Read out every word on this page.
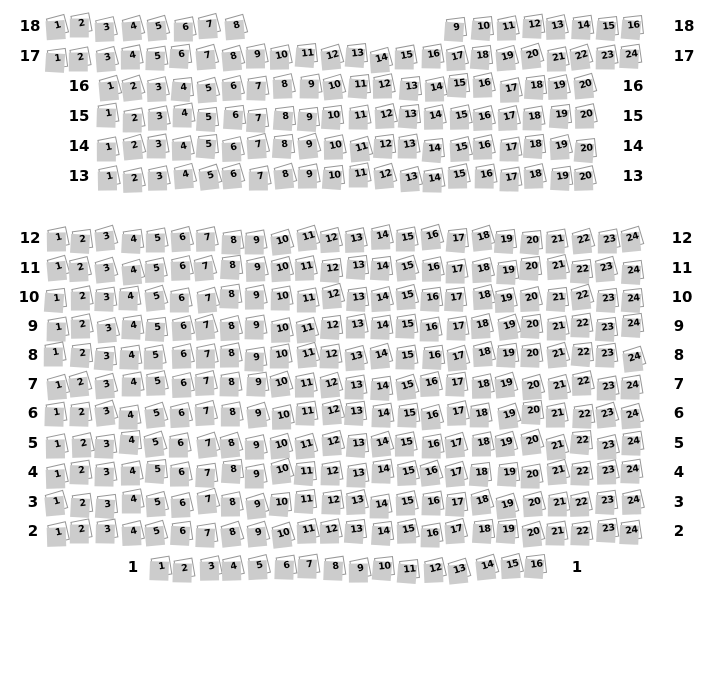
18	18
1	2	3	4	5	6	7	8	9	10	11	12 13	14	15	16
17	17
1	2	3	4	5	6	7	8	9	10	11	12	13	14	15	16 17	18	19	20	21 22	23	24
16	16
1	2	3	4	5	6	7	8	9	10	11	12	13	14 15	16	17	18 19	20
15	15
1	2	3	4	5	6	7	8	9	10	11	12	13	14	15 16	17	18	19	20
14	14
1	2	3	4	5	6	7	8	9	10	11	12 13	14	15 16	17	18	19	20
13	13
1	2	3	4	5	6	7	8	9	10	11	12	13 14	15	16	17	18	19	20
12	12
1	2	3	4	5	6	7	8	9	10	11 12	13	14	15	16	17	18 19	20	21	22	23 24
11	11
1	2	3	4	5	6	7	8	9	10	11	12	13	14	15	16	17	18	19 20	21	22	23	24
10	10
1	2	3	4	5	6	7	8	9	10	11	12	13	14	15	16	17	18 19	20	21	22	23	24
9	9
1	2	3	4	5	6	7	8	9	10	11	12	13	14	15	16	17	18	19 20	21	22	23	24
8	8
1	2	3	4	5	6	7	8	9	10	11 12	13	14	15	16	17	18	19	20	21	22	23	24
7	7
1	2	3	4	5	6	7	8	9	10	11	12	13	14	15 16	17	18 19	20	21	22	23 24
6	6
1	2	3	4	5	6	7	8	9	10	11	12 13	14	15 16	17 18	19	20	21	22	23	24
5	5
1	2	3	4	5	6	7	8	9	10	11	12	13	14	15	16 17	18 19	20 21	22	23	24
4	4
1	2	3	4	5	6	7	8	9	10	11	12	13	14	15 16	17	18	19	20	21 22	23	24
3	3
1	2	3	4	5	6	7	8	9	10	11	12	13 14	15	16	17	18	19	20	21 22	23	24
2	2
1	2	3	4	5	6	7	8	9	10	11 12	13	14	15	16	17	18	19	20 21	22	23 24
1	1
1	2	3	4	5	6	7	8	9	10	11	12 13	14	15	16
